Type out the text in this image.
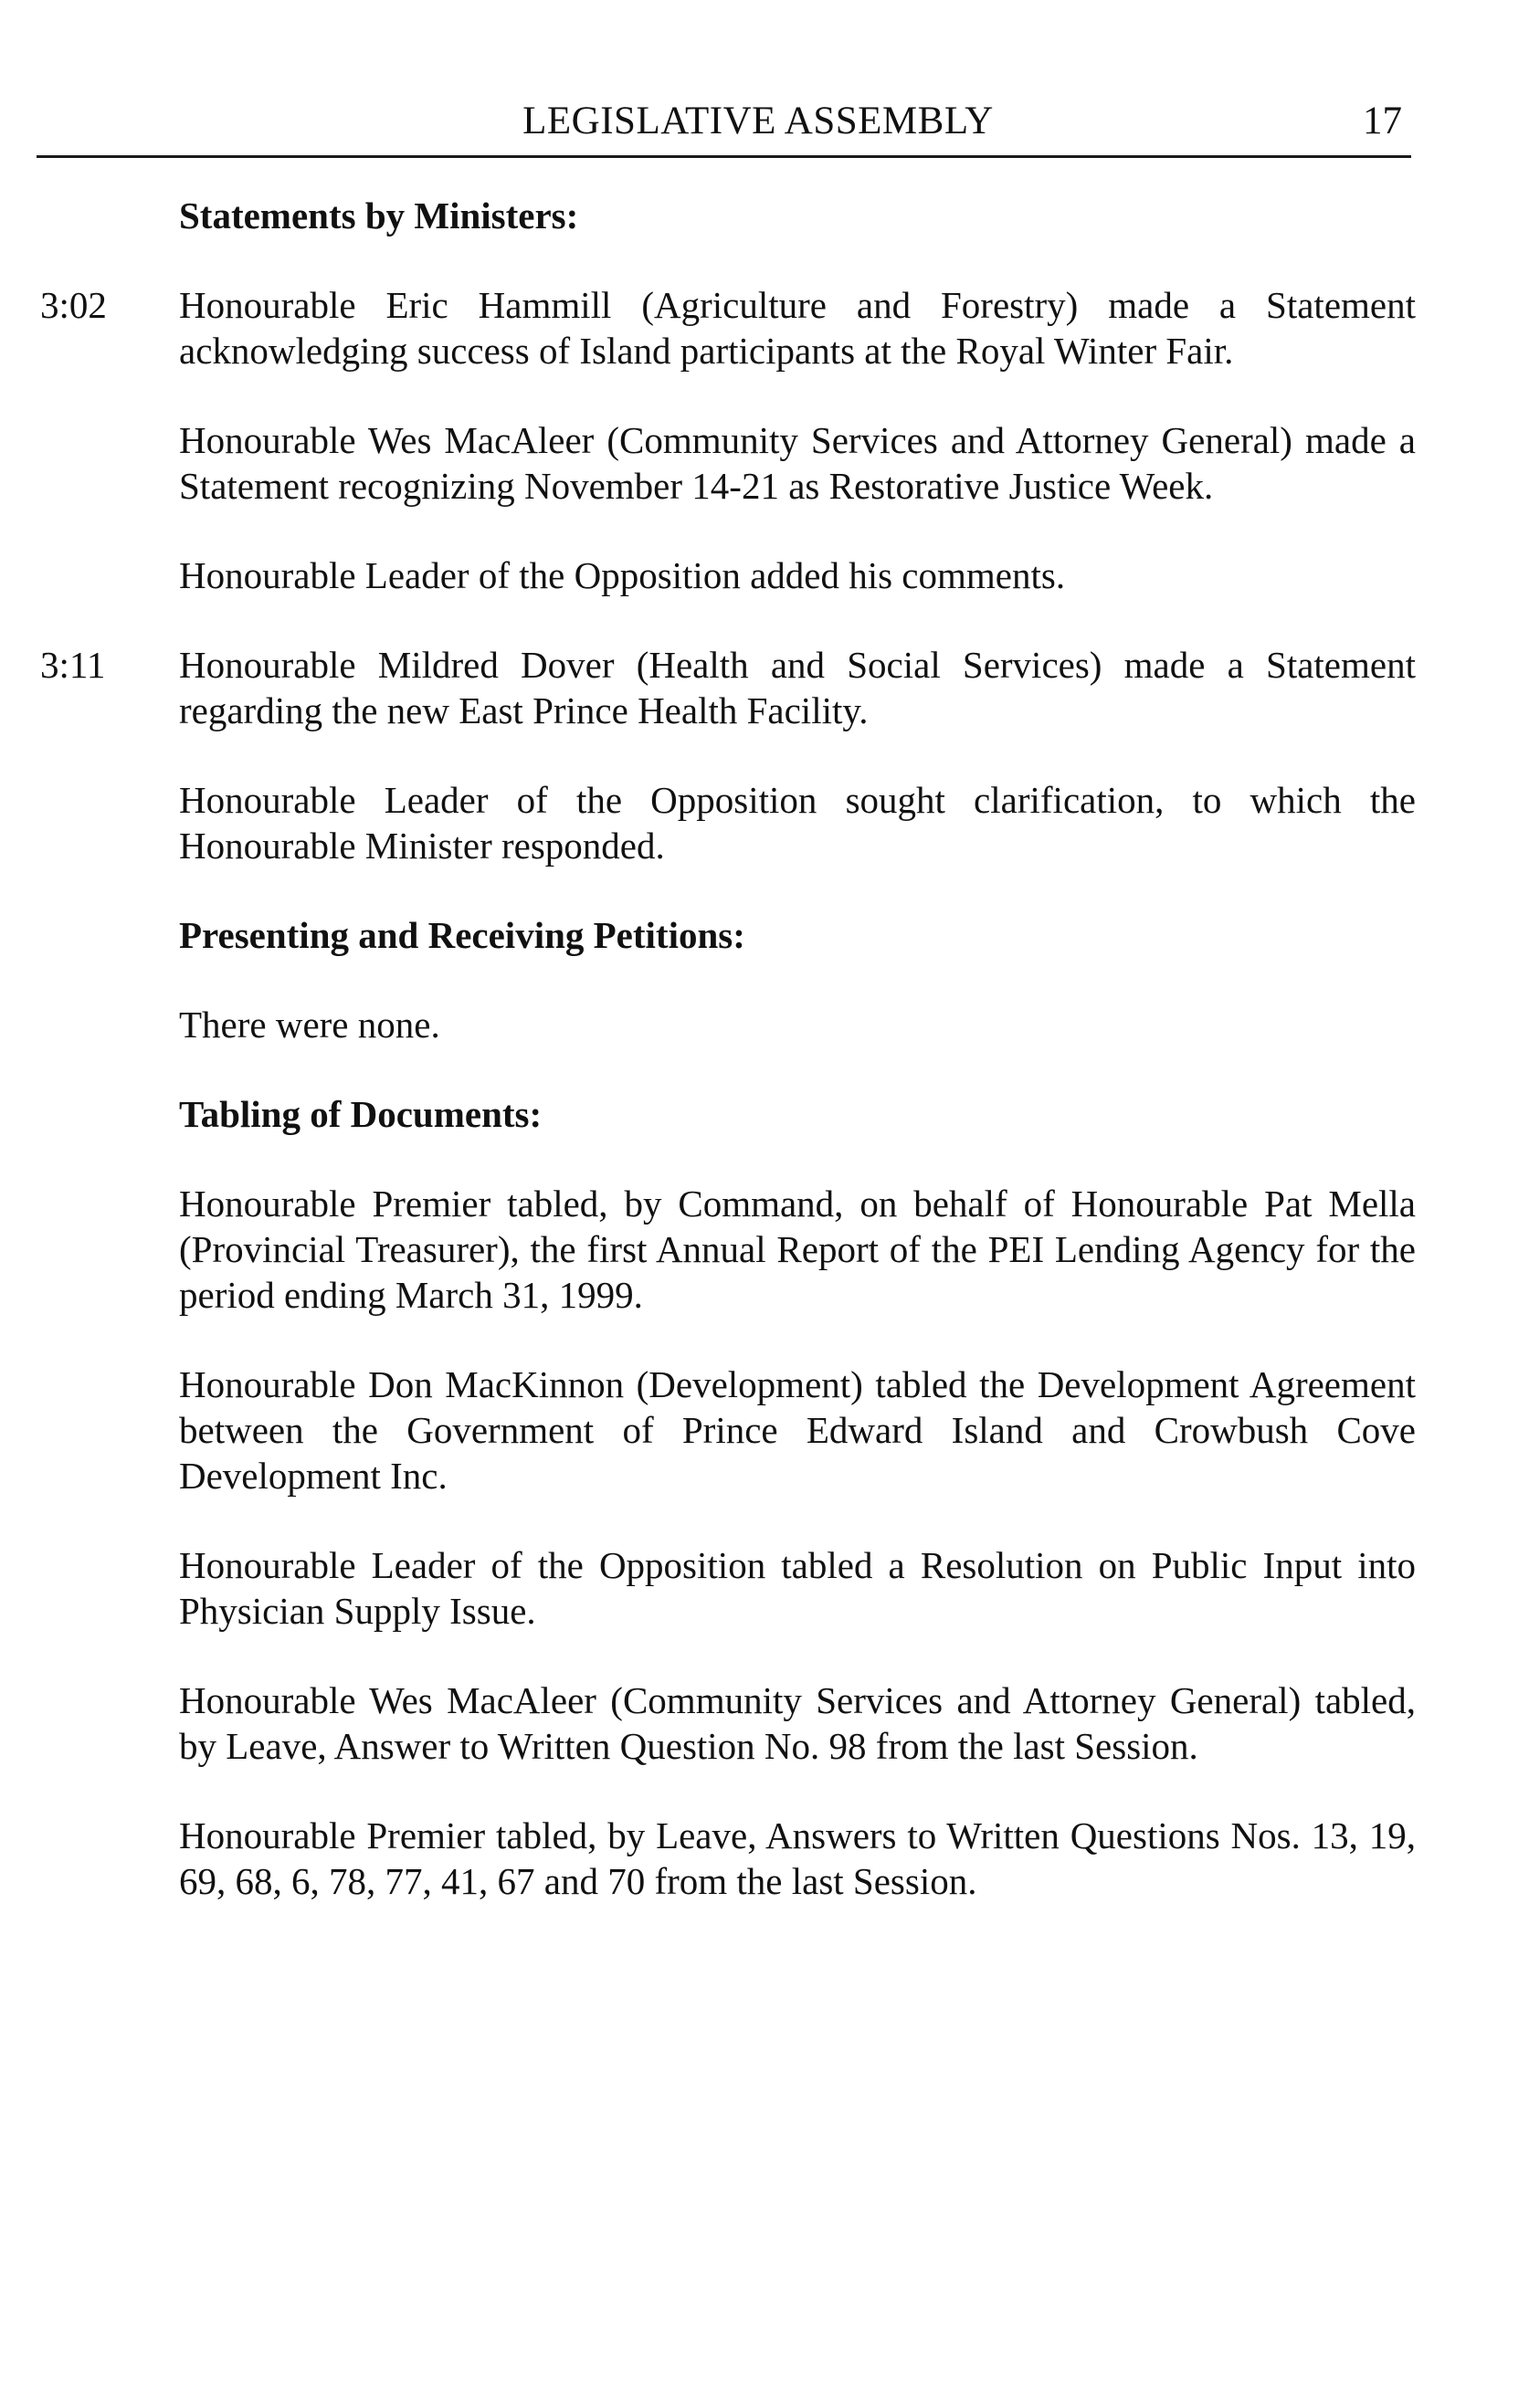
LEGISLATIVE ASSEMBLY	17
Statements by Ministers:
3:02 Honourable Eric Hammill (Agriculture and Forestry) made a Statement acknowledging success of Island participants at the Royal Winter Fair.
Honourable Wes MacAleer (Community Services and Attorney General) made a Statement recognizing November 14-21 as Restorative Justice Week.
Honourable Leader of the Opposition added his comments.
3:11 Honourable Mildred Dover (Health and Social Services) made a Statement regarding the new East Prince Health Facility.
Honourable Leader of the Opposition sought clarification, to which the Honourable Minister responded.
Presenting and Receiving Petitions:
There were none.
Tabling of Documents:
Honourable Premier tabled, by Command, on behalf of Honourable Pat Mella (Provincial Treasurer), the first Annual Report of the PEI Lending Agency for the period ending March 31, 1999.
Honourable Don MacKinnon (Development) tabled the Development Agreement between the Government of Prince Edward Island and Crowbush Cove Development Inc.
Honourable Leader of the Opposition tabled a Resolution on Public Input into Physician Supply Issue.
Honourable Wes MacAleer (Community Services and Attorney General) tabled, by Leave, Answer to Written Question No. 98 from the last Session.
Honourable Premier tabled, by Leave, Answers to Written Questions Nos. 13, 19, 69, 68, 6, 78, 77, 41, 67 and 70 from the last Session.
